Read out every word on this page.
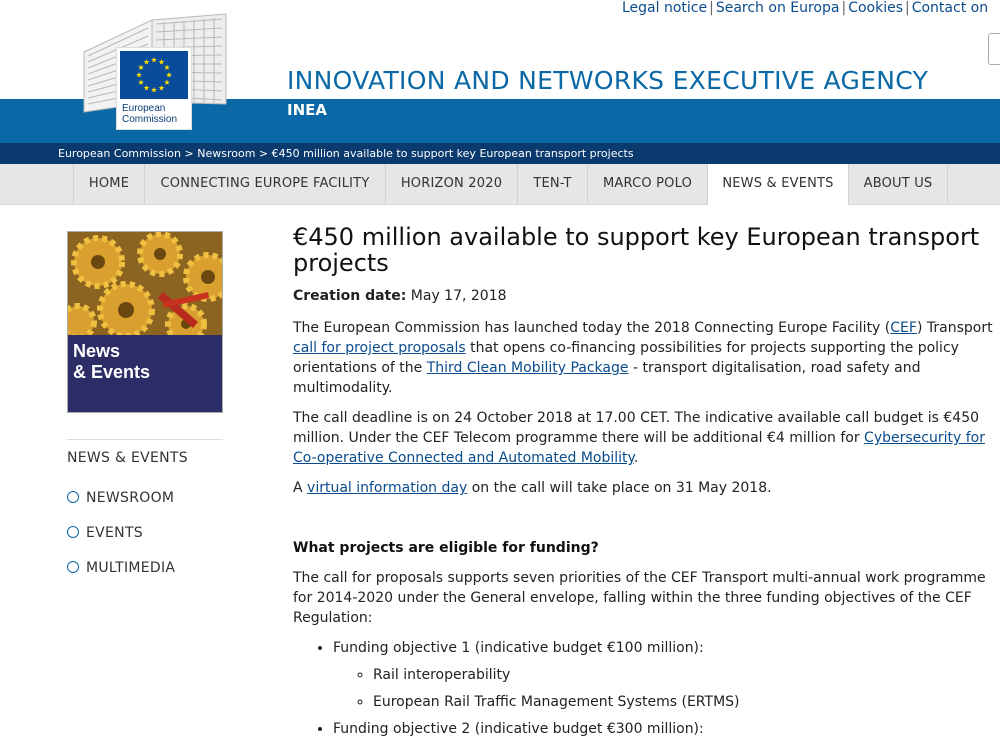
Legal notice | Search on Europa | Cookies | Contact on
European
Commission
INNOVATION AND NETWORKS EXECUTIVE AGENCY
INEA
European Commission > Newsroom > €450 million available to support key European transport projects
HOME	CONNECTING EUROPE FACILITY	HORIZON 2020	TEN-T	MARCO POLO	NEWS & EVENTS	ABOUT US
News
& Events
NEWS & EVENTS
NEWSROOM
EVENTS
MULTIMEDIA
€450 million available to support key European transport projects

Creation date: May 17, 2018

The European Commission has launched today the 2018 Connecting Europe Facility (CEF) Transport call for project proposals that opens co-financing possibilities for projects supporting the policy orientations of the Third Clean Mobility Package - transport digitalisation, road safety and multimodality.

The call deadline is on 24 October 2018 at 17.00 CET. The indicative available call budget is €450 million. Under the CEF Telecom programme there will be additional €4 million for Cybersecurity for Co-operative Connected and Automated Mobility.

A virtual information day on the call will take place on 31 May 2018.

What projects are eligible for funding?

The call for proposals supports seven priorities of the CEF Transport multi-annual work programme for 2014-2020 under the General envelope, falling within the three funding objectives of the CEF Regulation:

• Funding objective 1 (indicative budget €100 million):
◦ Rail interoperability
◦ European Rail Traffic Management Systems (ERTMS)
• Funding objective 2 (indicative budget €300 million):
